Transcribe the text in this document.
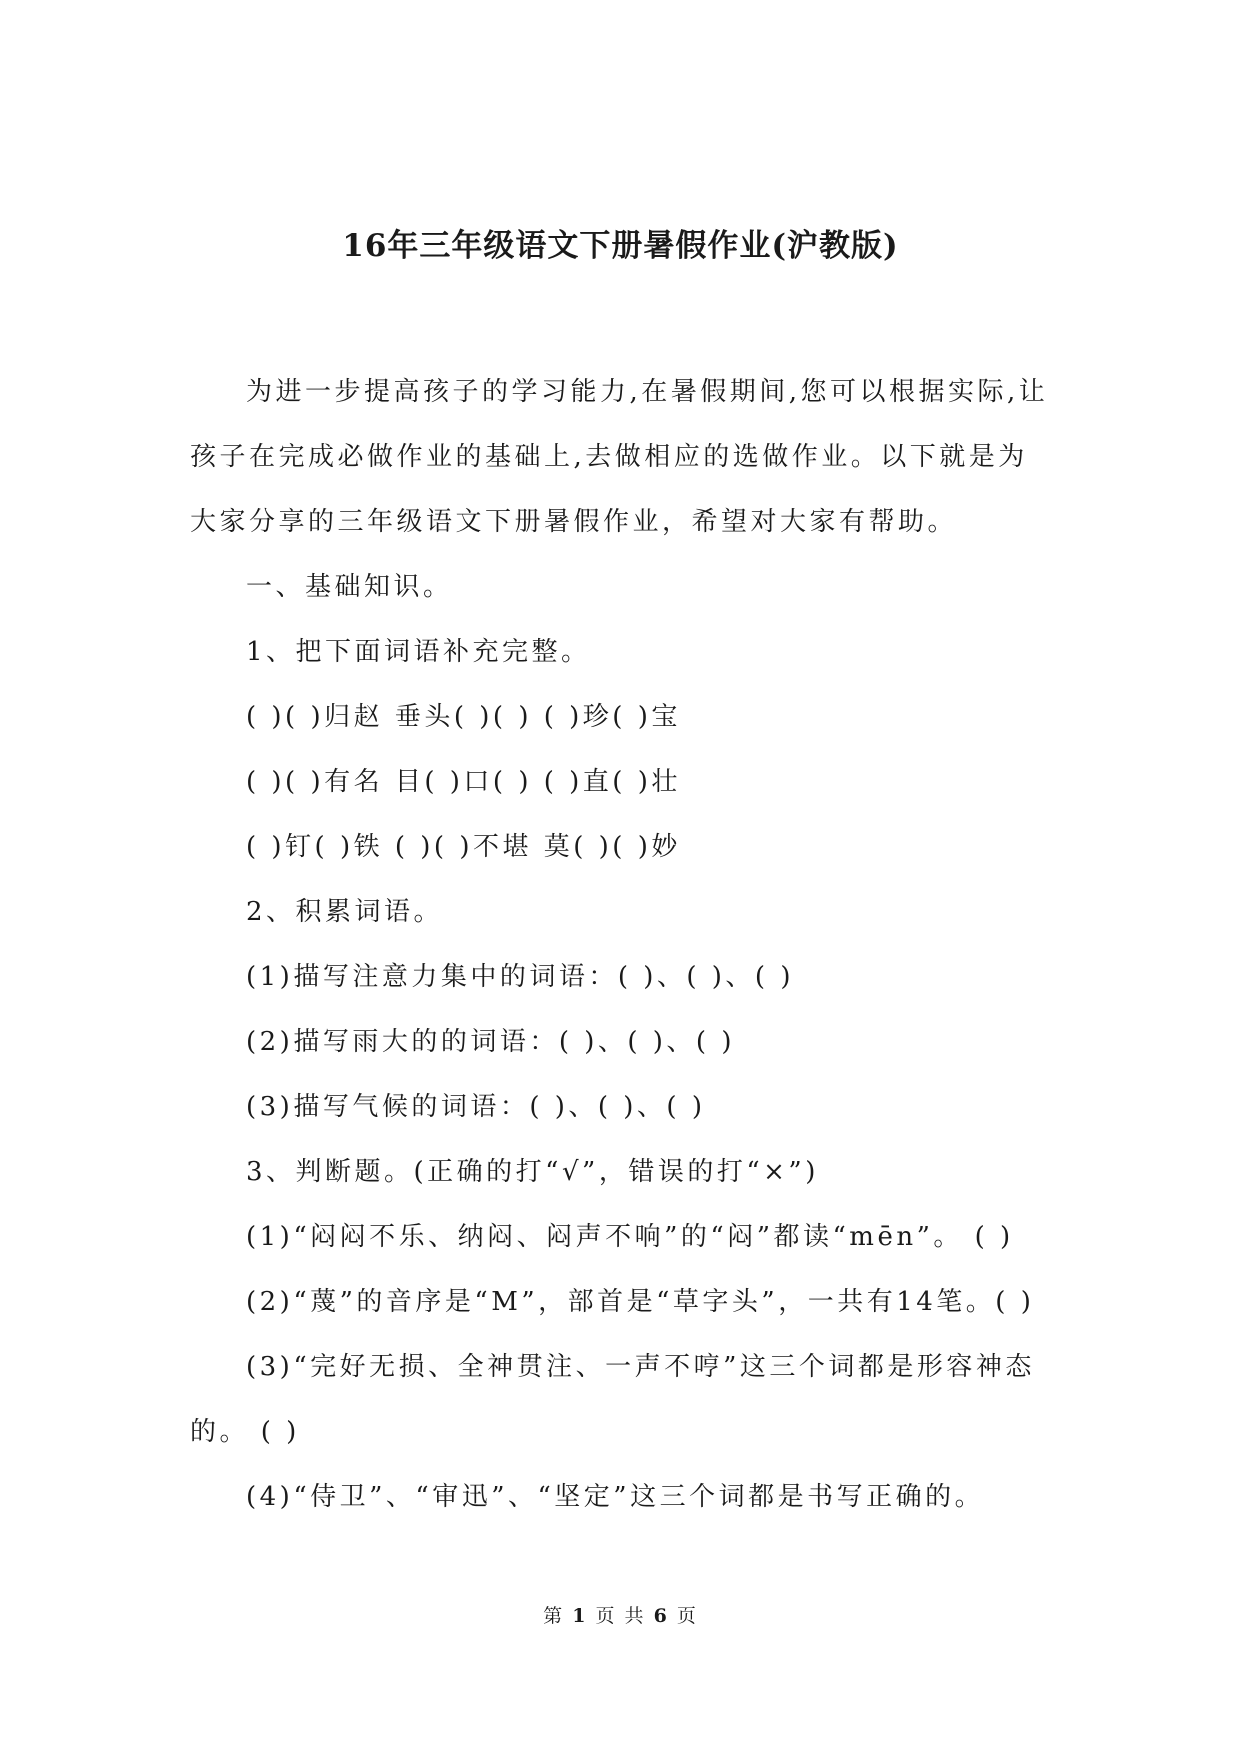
16年三年级语文下册暑假作业(沪教版)

为进一步提高孩子的学习能力,在暑假期间,您可以根据实际,让孩子在完成必做作业的基础上,去做相应的选做作业。以下就是为大家分享的三年级语文下册暑假作业，希望对大家有帮助。

一、基础知识。

1、把下面词语补充完整。

( )( )归赵 垂头( )( ) ( )珍( )宝

( )( )有名 目( )口( ) ( )直( )壮

( )钉( )铁 ( )( )不堪 莫( )( )妙

2、积累词语。

(1)描写注意力集中的词语：( )、( )、( )

(2)描写雨大的的词语：( )、( )、( )

(3)描写气候的词语：( )、( )、( )

3、判断题。(正确的打“√”，错误的打“×”)

(1)“闷闷不乐、纳闷、闷声不响”的“闷”都读“mēn”。 ( )

(2)“蔑”的音序是“M”，部首是“草字头”，一共有14笔。( )

(3)“完好无损、全神贯注、一声不哼”这三个词都是形容神态的。 ( )

(4)“侍卫”、“审迅”、“坚定”这三个词都是书写正确的。

第 1 页 共 6 页
